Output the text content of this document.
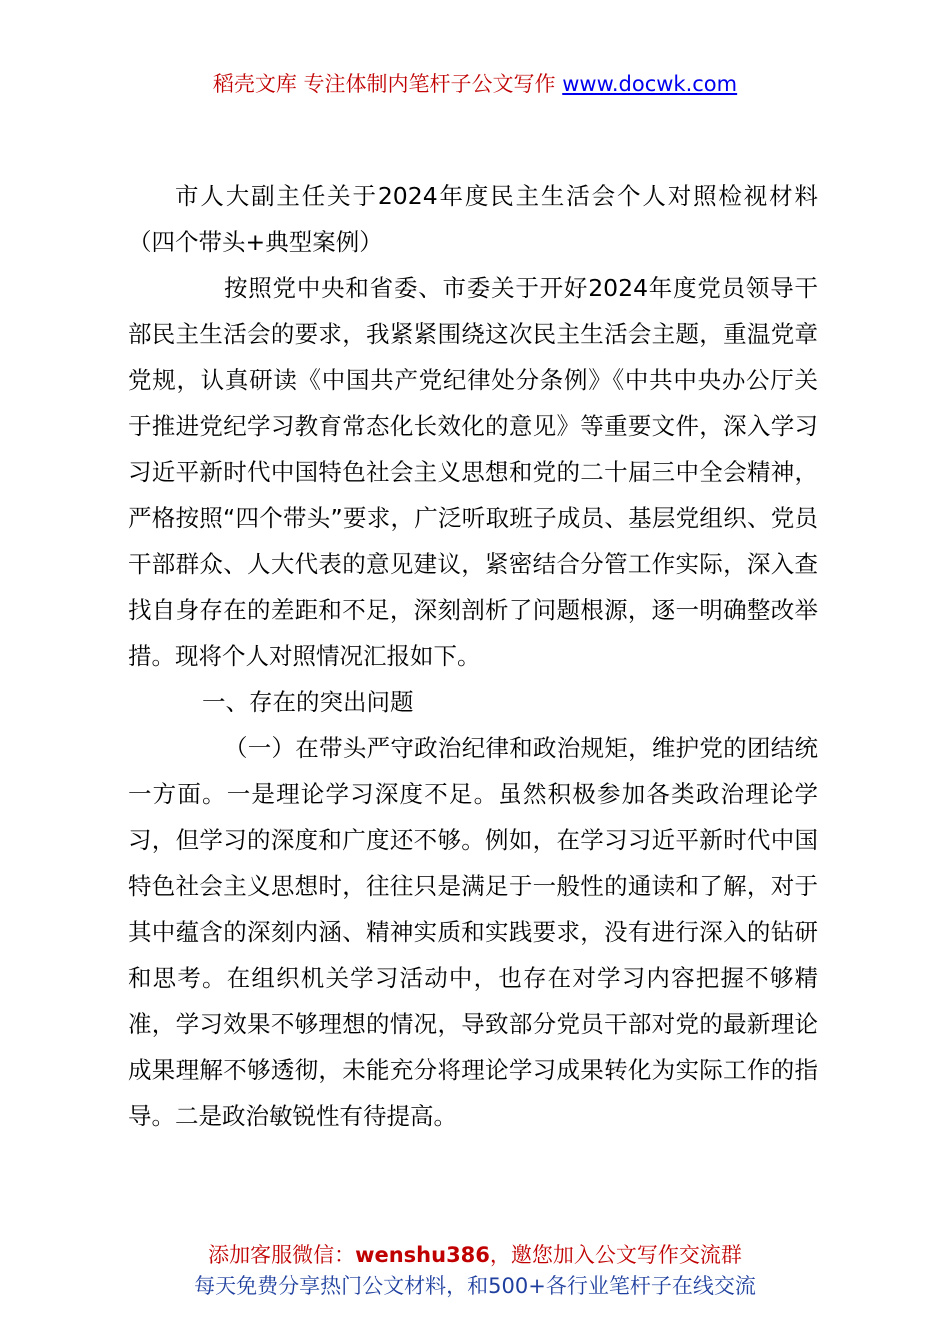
稻壳文库 专注体制内笔杆子公文写作 www.docwk.com

市人大副主任关于2024年度民主生活会个人对照检视材料（四个带头+典型案例）

按照党中央和省委、市委关于开好2024年度党员领导干部民主生活会的要求，我紧紧围绕这次民主生活会主题，重温党章党规，认真研读《中国共产党纪律处分条例》《中共中央办公厅关于推进党纪学习教育常态化长效化的意见》等重要文件，深入学习习近平新时代中国特色社会主义思想和党的二十届三中全会精神，严格按照“四个带头”要求，广泛听取班子成员、基层党组织、党员干部群众、人大代表的意见建议，紧密结合分管工作实际，深入查找自身存在的差距和不足，深刻剖析了问题根源，逐一明确整改举措。现将个人对照情况汇报如下。

一、存在的突出问题

（一）在带头严守政治纪律和政治规矩，维护党的团结统一方面。一是理论学习深度不足。虽然积极参加各类政治理论学习，但学习的深度和广度还不够。例如，在学习习近平新时代中国特色社会主义思想时，往往只是满足于一般性的通读和了解，对于其中蕴含的深刻内涵、精神实质和实践要求，没有进行深入的钻研和思考。在组织机关学习活动中，也存在对学习内容把握不够精准，学习效果不够理想的情况，导致部分党员干部对党的最新理论成果理解不够透彻，未能充分将理论学习成果转化为实际工作的指导。二是政治敏锐性有待提高。

添加客服微信：wenshu386，邀您加入公文写作交流群
每天免费分享热门公文材料，和500+各行业笔杆子在线交流
